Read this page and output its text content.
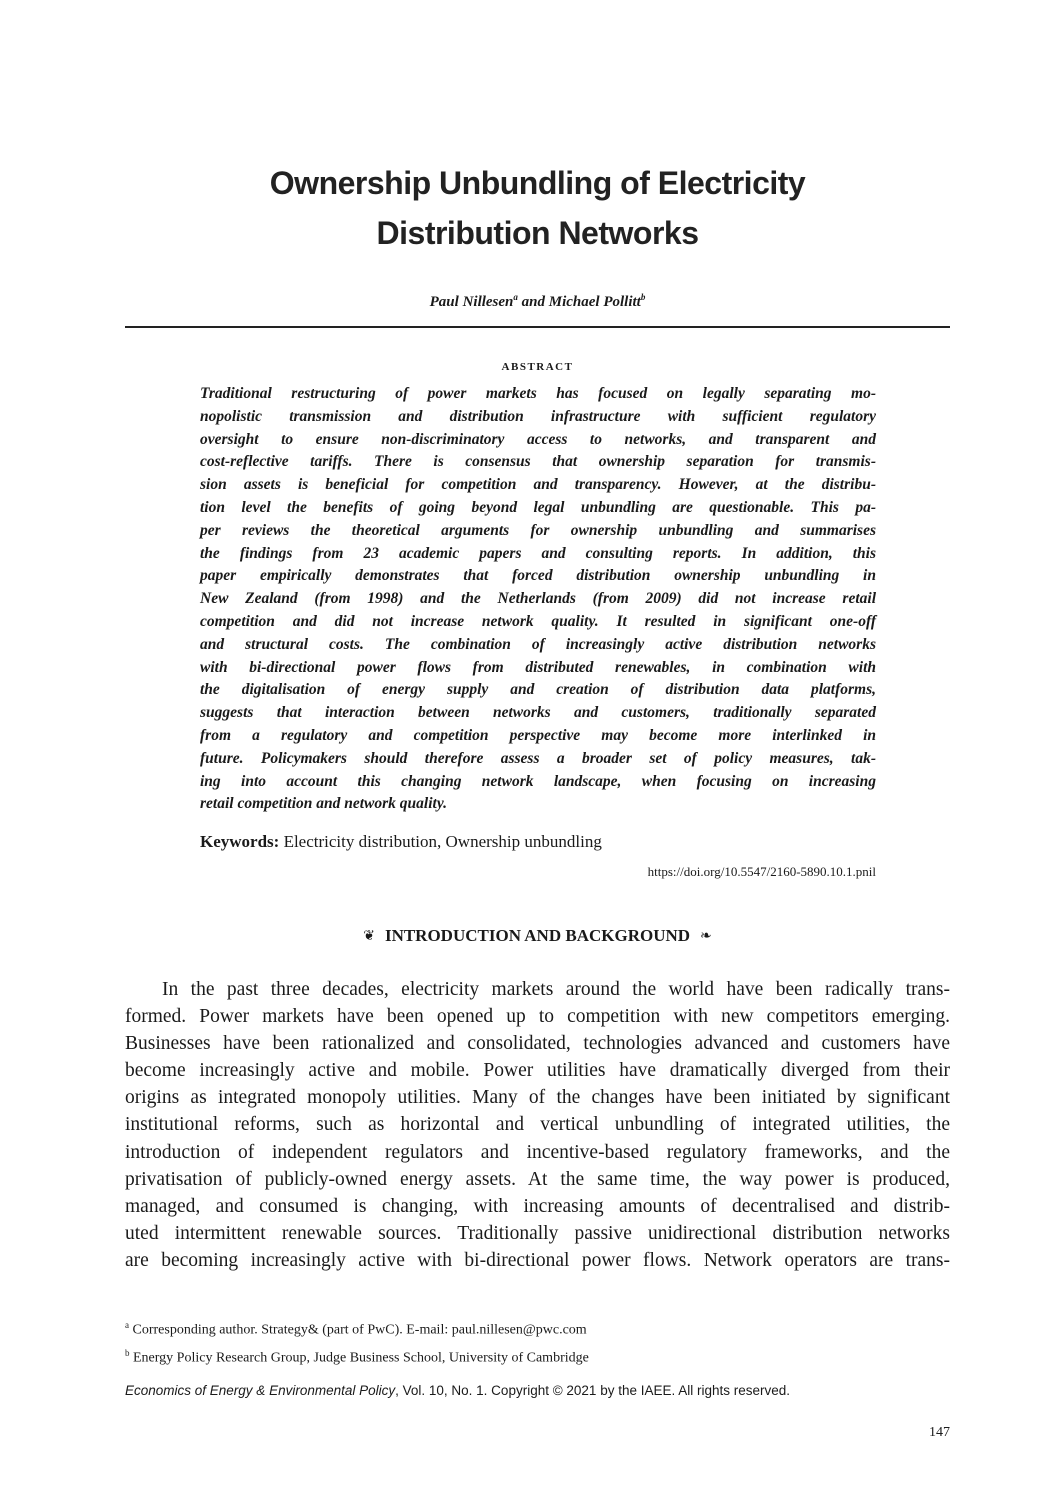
Ownership Unbundling of Electricity
Distribution Networks
Paul Nillesen$^a$ and Michael Pollitt$^b$
ABSTRACT
Traditional restructuring of power markets has focused on legally separating mo-
nopolistic transmission and distribution infrastructure with sufficient regulatory
oversight to ensure non-discriminatory access to networks, and transparent and
cost-reflective tariffs. There is consensus that ownership separation for transmis-
sion assets is beneficial for competition and transparency. However, at the distribu-
tion level the benefits of going beyond legal unbundling are questionable. This pa-
per reviews the theoretical arguments for ownership unbundling and summarises
the findings from 23 academic papers and consulting reports. In addition, this
paper empirically demonstrates that forced distribution ownership unbundling in
New Zealand (from 1998) and the Netherlands (from 2009) did not increase retail
competition and did not increase network quality. It resulted in significant one-off
and structural costs. The combination of increasingly active distribution networks
with bi-directional power flows from distributed renewables, in combination with
the digitalisation of energy supply and creation of distribution data platforms,
suggests that interaction between networks and customers, traditionally separated
from a regulatory and competition perspective may become more interlinked in
future. Policymakers should therefore assess a broader set of policy measures, tak-
ing into account this changing network landscape, when focusing on increasing
retail competition and network quality.
Keywords: Electricity distribution, Ownership unbundling
https://doi.org/10.5547/2160-5890.10.1.pnil
❦ INTRODUCTION AND BACKGROUND ❧
In the past three decades, electricity markets around the world have been radically trans-
formed. Power markets have been opened up to competition with new competitors emerging.
Businesses have been rationalized and consolidated, technologies advanced and customers have
become increasingly active and mobile. Power utilities have dramatically diverged from their
origins as integrated monopoly utilities. Many of the changes have been initiated by significant
institutional reforms, such as horizontal and vertical unbundling of integrated utilities, the
introduction of independent regulators and incentive-based regulatory frameworks, and the
privatisation of publicly-owned energy assets. At the same time, the way power is produced,
managed, and consumed is changing, with increasing amounts of decentralised and distrib-
uted intermittent renewable sources. Traditionally passive unidirectional distribution networks
are becoming increasingly active with bi-directional power flows. Network operators are trans-
$^a$ Corresponding author. Strategy& (part of PwC). E-mail: paul.nillesen@pwc.com
$^b$ Energy Policy Research Group, Judge Business School, University of Cambridge
Economics of Energy & Environmental Policy, Vol. 10, No. 1. Copyright © 2021 by the IAEE. All rights reserved.
147
